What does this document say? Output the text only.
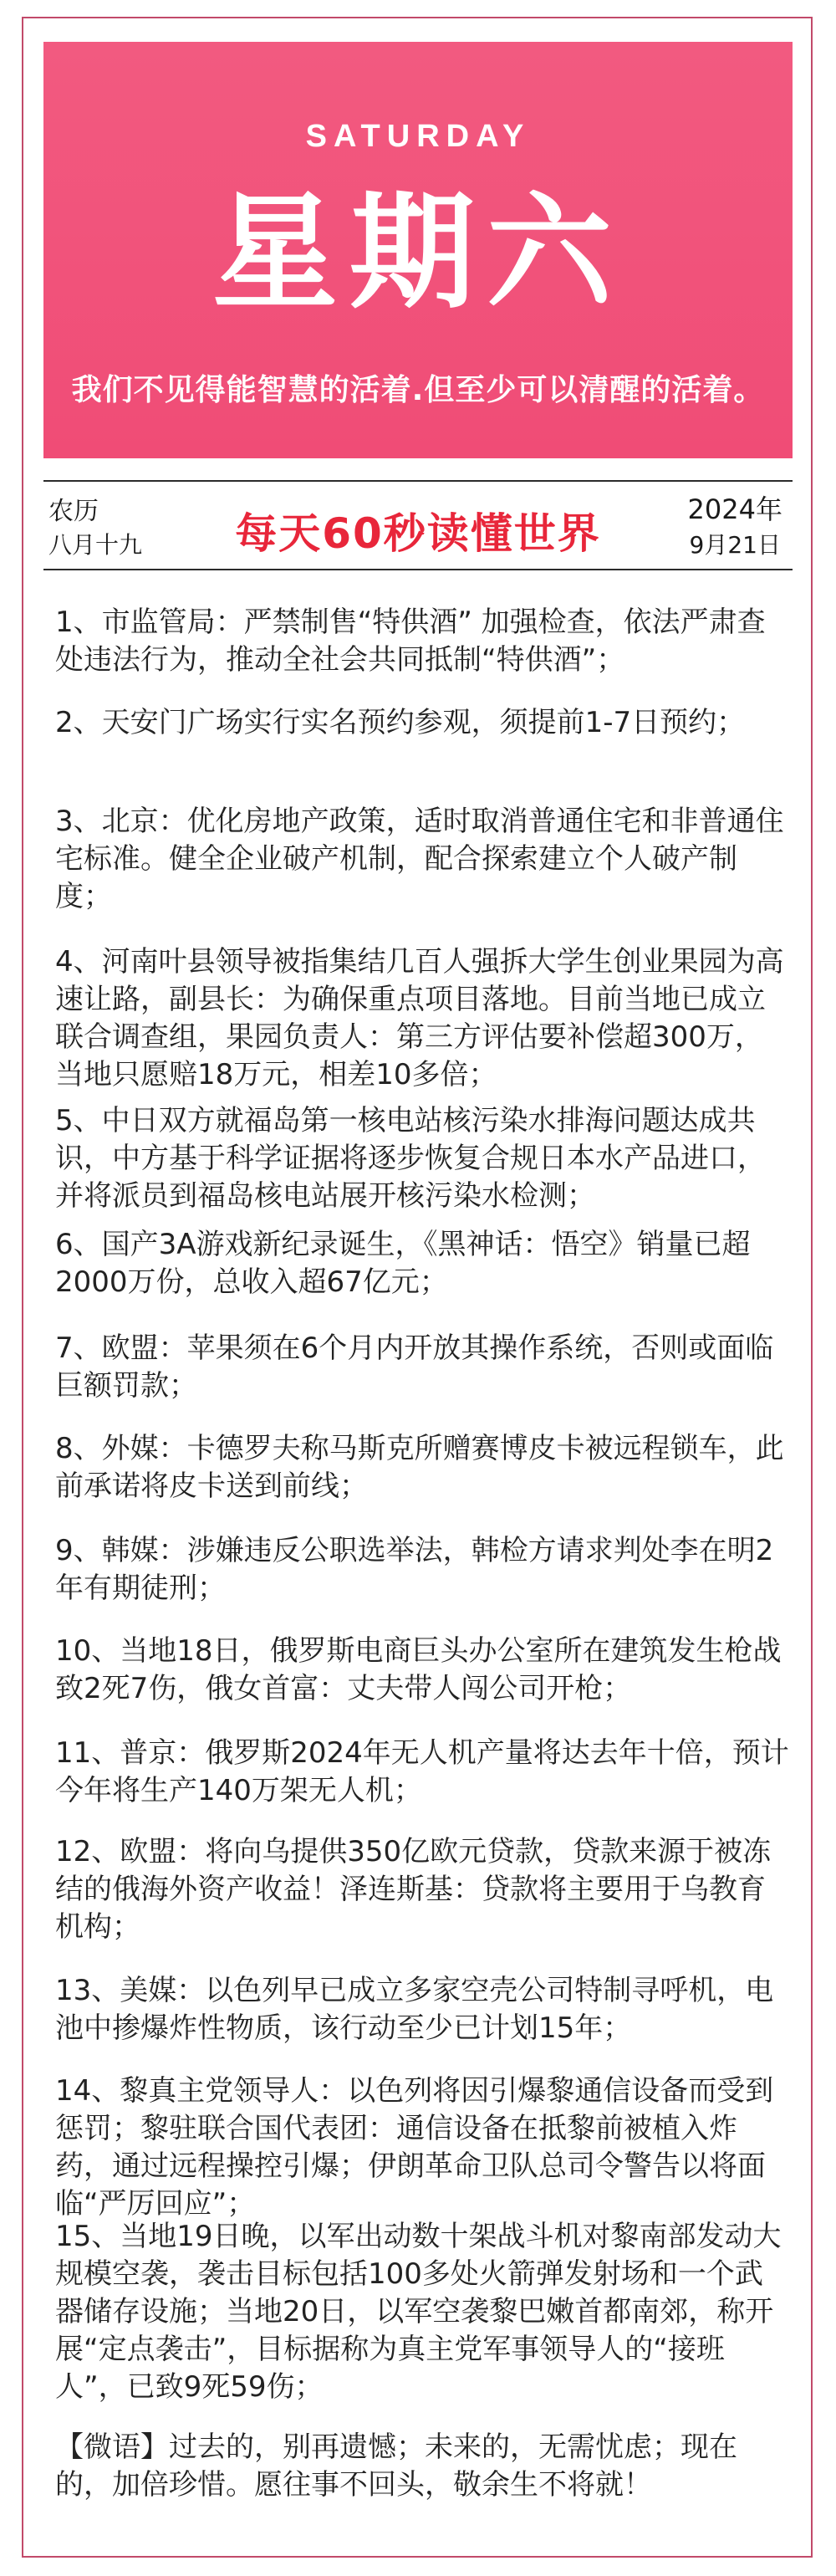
SATURDAY
星期六
我们不见得能智慧的活着.但至少可以清醒的活着。
农历
八月十九	每天60秒读懂世界	2024年
9月21日
1、市监管局：严禁制售“特供酒” 加强检查，依法严肃查处违法行为，推动全社会共同抵制“特供酒”；
2、天安门广场实行实名预约参观，须提前1-7日预约；
3、北京：优化房地产政策，适时取消普通住宅和非普通住宅标准。健全企业破产机制，配合探索建立个人破产制度；
4、河南叶县领导被指集结几百人强拆大学生创业果园为高速让路，副县长：为确保重点项目落地。目前当地已成立联合调查组，果园负责人：第三方评估要补偿超300万，当地只愿赔18万元，相差10多倍；
5、中日双方就福岛第一核电站核污染水排海问题达成共识，中方基于科学证据将逐步恢复合规日本水产品进口，并将派员到福岛核电站展开核污染水检测；
6、国产3A游戏新纪录诞生，《黑神话：悟空》销量已超2000万份，总收入超67亿元；
7、欧盟：苹果须在6个月内开放其操作系统，否则或面临巨额罚款；
8、外媒：卡德罗夫称马斯克所赠赛博皮卡被远程锁车，此前承诺将皮卡送到前线；
9、韩媒：涉嫌违反公职选举法，韩检方请求判处李在明2年有期徒刑；
10、当地18日，俄罗斯电商巨头办公室所在建筑发生枪战致2死7伤，俄女首富：丈夫带人闯公司开枪；
11、普京：俄罗斯2024年无人机产量将达去年十倍，预计今年将生产140万架无人机；
12、欧盟：将向乌提供350亿欧元贷款，贷款来源于被冻结的俄海外资产收益！泽连斯基：贷款将主要用于乌教育机构；
13、美媒：以色列早已成立多家空壳公司特制寻呼机，电池中掺爆炸性物质，该行动至少已计划15年；
14、黎真主党领导人：以色列将因引爆黎通信设备而受到惩罚；黎驻联合国代表团：通信设备在抵黎前被植入炸药，通过远程操控引爆；伊朗革命卫队总司令警告以将面临“严厉回应”；
15、当地19日晚，以军出动数十架战斗机对黎南部发动大规模空袭，袭击目标包括100多处火箭弹发射场和一个武器储存设施；当地20日，以军空袭黎巴嫩首都南郊，称开展“定点袭击”，目标据称为真主党军事领导人的“接班人”，已致9死59伤；
【微语】过去的，别再遗憾；未来的，无需忧虑；现在的，加倍珍惜。愿往事不回头，敬余生不将就！
